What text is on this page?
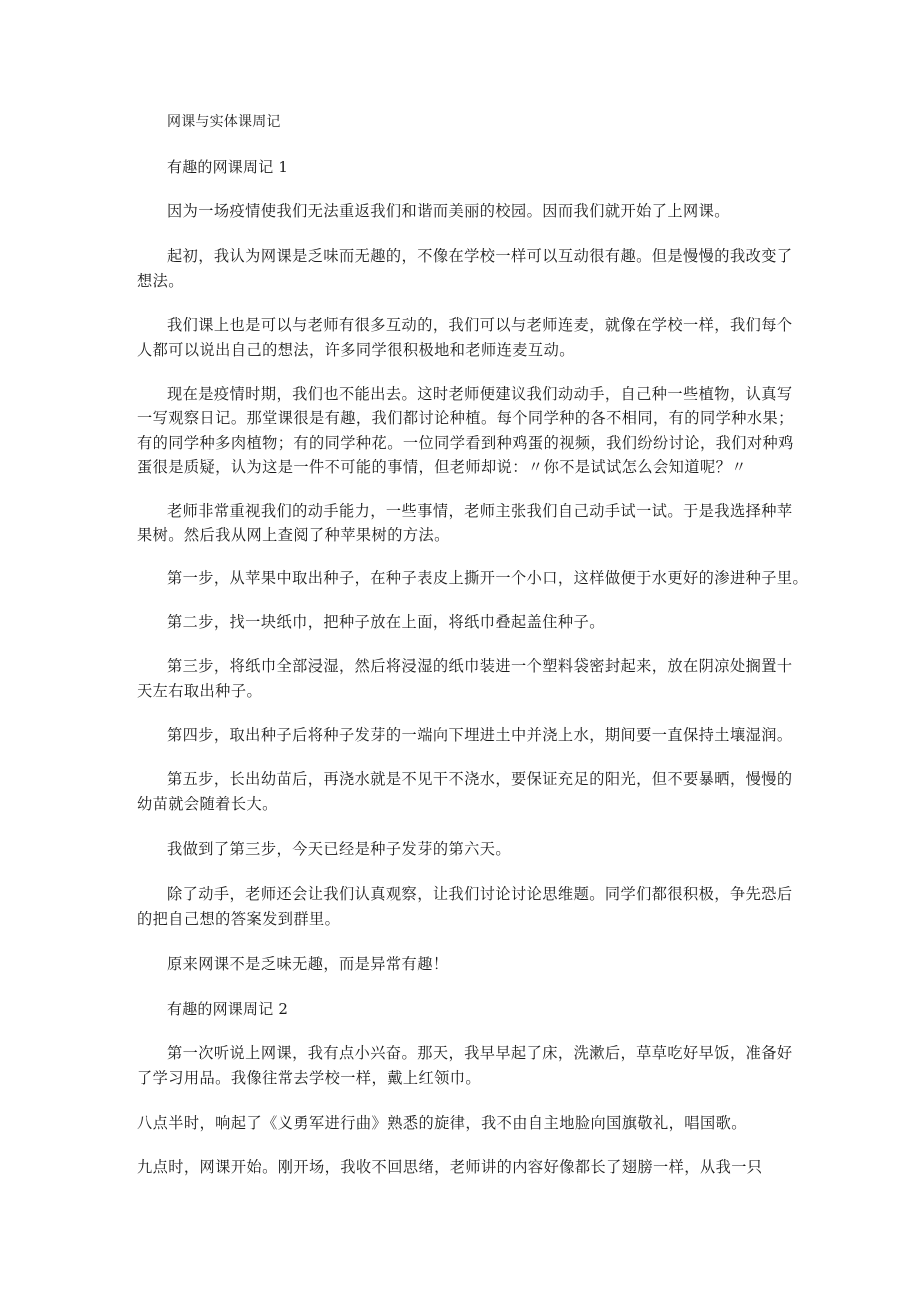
网课与实体课周记
有趣的网课周记 1
因为一场疫情使我们无法重返我们和谐而美丽的校园。因而我们就开始了上网课。
起初，我认为网课是乏味而无趣的，不像在学校一样可以互动很有趣。但是慢慢的我改变了
想法。
我们课上也是可以与老师有很多互动的，我们可以与老师连麦，就像在学校一样，我们每个
人都可以说出自己的想法，许多同学很积极地和老师连麦互动。
现在是疫情时期，我们也不能出去。这时老师便建议我们动动手，自己种一些植物，认真写
一写观察日记。那堂课很是有趣，我们都讨论种植。每个同学种的各不相同，有的同学种水果；
有的同学种多肉植物；有的同学种花。一位同学看到种鸡蛋的视频，我们纷纷讨论，我们对种鸡
蛋很是质疑，认为这是一件不可能的事情，但老师却说：〃你不是试试怎么会知道呢？〃
老师非常重视我们的动手能力，一些事情，老师主张我们自己动手试一试。于是我选择种苹
果树。然后我从网上查阅了种苹果树的方法。
第一步，从苹果中取出种子，在种子表皮上撕开一个小口，这样做便于水更好的渗进种子里。
第二步，找一块纸巾，把种子放在上面，将纸巾叠起盖住种子。
第三步，将纸巾全部浸湿，然后将浸湿的纸巾装进一个塑料袋密封起来，放在阴凉处搁置十
天左右取出种子。
第四步，取出种子后将种子发芽的一端向下埋进土中并浇上水，期间要一直保持土壤湿润。
第五步，长出幼苗后，再浇水就是不见干不浇水，要保证充足的阳光，但不要暴晒，慢慢的
幼苗就会随着长大。
我做到了第三步，今天已经是种子发芽的第六天。
除了动手，老师还会让我们认真观察，让我们讨论讨论思维题。同学们都很积极，争先恐后
的把自己想的答案发到群里。
原来网课不是乏味无趣，而是异常有趣！
有趣的网课周记 2
第一次听说上网课，我有点小兴奋。那天，我早早起了床，洗漱后，草草吃好早饭，准备好
了学习用品。我像往常去学校一样，戴上红领巾。
八点半时，响起了《义勇军进行曲》熟悉的旋律，我不由自主地脸向国旗敬礼，唱国歌。
九点时，网课开始。刚开场，我收不回思绪，老师讲的内容好像都长了翅膀一样，从我一只
